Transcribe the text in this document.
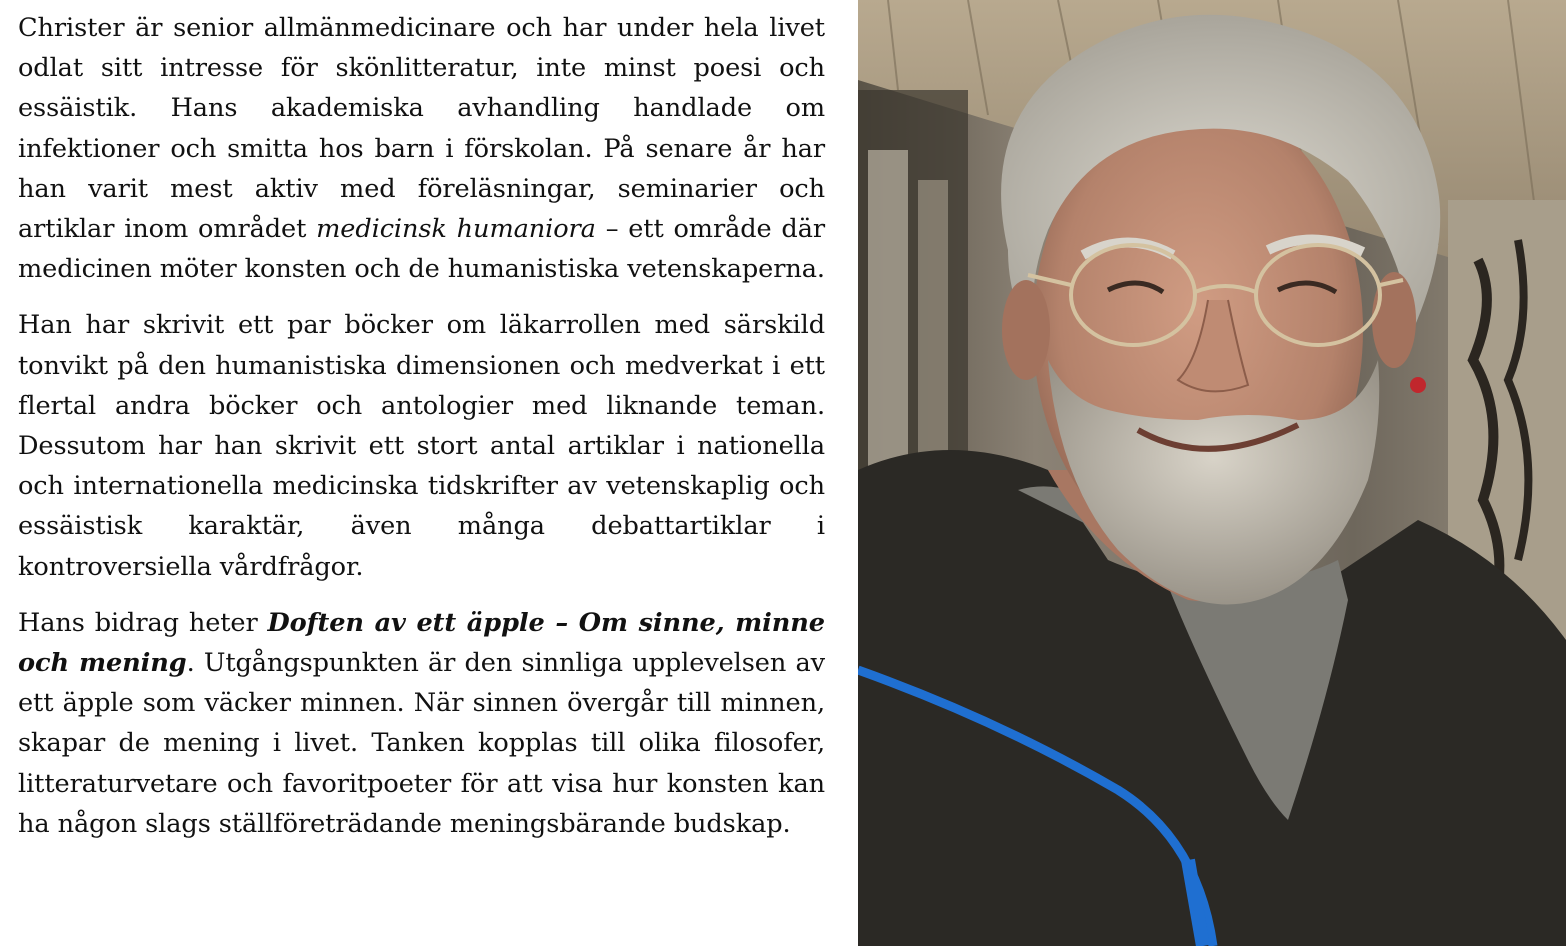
Christer är senior allmänmedicinare och har under hela livet odlat sitt intresse för skönlitteratur, inte minst poesi och essäistik. Hans akademiska avhandling handlade om infektioner och smitta hos barn i förskolan. På senare år har han varit mest aktiv med föreläsningar, seminarier och artiklar inom området medicinsk humaniora – ett område där medicinen möter konsten och de humanistiska vetenskaperna.

Han har skrivit ett par böcker om läkarrollen med särskild tonvikt på den humanistiska dimensionen och medverkat i ett flertal andra böcker och antologier med liknande teman. Dessutom har han skrivit ett stort antal artiklar i nationella och internationella medicinska tidskrifter av vetenskaplig och essäistisk karaktär, även många debattartiklar i kontroversiella vårdfrågor.

Hans bidrag heter Doften av ett äpple – Om sinne, minne och mening. Utgångspunkten är den sinnliga upplevelsen av ett äpple som väcker minnen. När sinnen övergår till minnen, skapar de mening i livet. Tanken kopplas till olika filosofer, litteraturvetare och favoritpoeter för att visa hur konsten kan ha någon slags ställföreträdande meningsbärande budskap.
